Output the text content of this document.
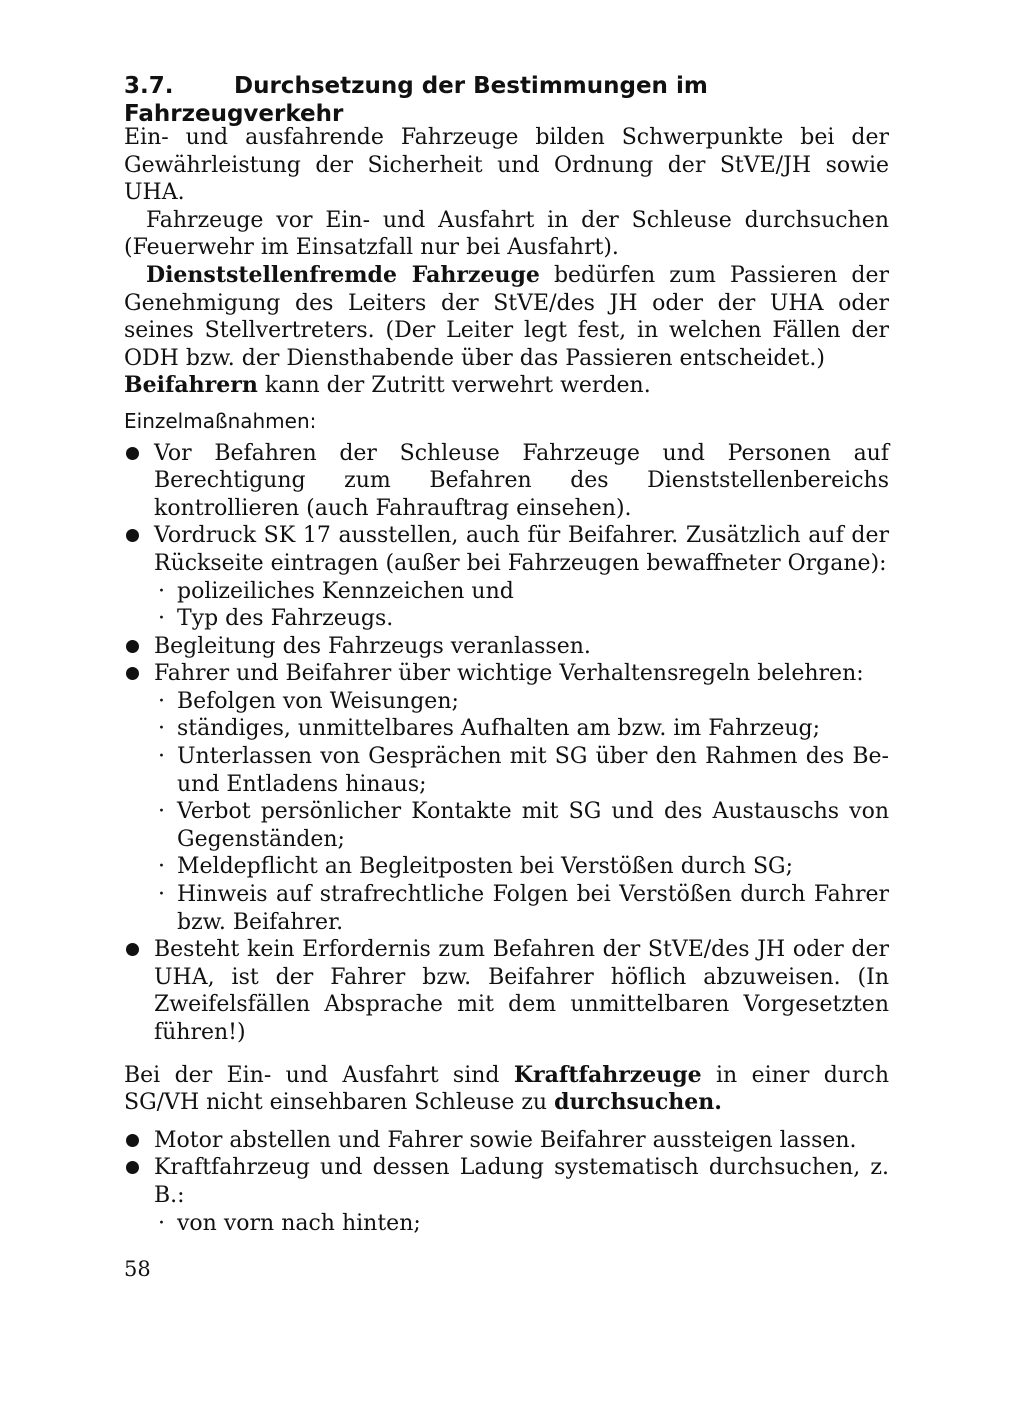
3.7.	Durchsetzung der Bestimmungen im Fahrzeugverkehr

Ein- und ausfahrende Fahrzeuge bilden Schwerpunkte bei der Gewährleistung der Sicherheit und Ordnung der StVE/JH sowie UHA.

Fahrzeuge vor Ein- und Ausfahrt in der Schleuse durchsuchen (Feuerwehr im Einsatzfall nur bei Ausfahrt).

Dienststellenfremde Fahrzeuge bedürfen zum Passieren der Genehmigung des Leiters der StVE/des JH oder der UHA oder seines Stellvertreters. (Der Leiter legt fest, in welchen Fällen der ODH bzw. der Diensthabende über das Passieren entscheidet.)

Beifahrern kann der Zutritt verwehrt werden.

Einzelmaßnahmen:

Vor Befahren der Schleuse Fahrzeuge und Personen auf Berechtigung zum Befahren des Dienststellenbereichs kontrollieren (auch Fahrauftrag einsehen).
Vordruck SK 17 ausstellen, auch für Beifahrer. Zusätzlich auf der Rückseite eintragen (außer bei Fahrzeugen bewaffneter Organe):
· polizeiliches Kennzeichen und
· Typ des Fahrzeugs.
Begleitung des Fahrzeugs veranlassen.
Fahrer und Beifahrer über wichtige Verhaltensregeln belehren:
· Befolgen von Weisungen;
· ständiges, unmittelbares Aufhalten am bzw. im Fahrzeug;
· Unterlassen von Gesprächen mit SG über den Rahmen des Be- und Entladens hinaus;
· Verbot persönlicher Kontakte mit SG und des Austauschs von Gegenständen;
· Meldepflicht an Begleitposten bei Verstößen durch SG;
· Hinweis auf strafrechtliche Folgen bei Verstößen durch Fahrer bzw. Beifahrer.
Besteht kein Erfordernis zum Befahren der StVE/des JH oder der UHA, ist der Fahrer bzw. Beifahrer höflich abzuweisen. (In Zweifelsfällen Absprache mit dem unmittelbaren Vorgesetzten führen!)

Bei der Ein- und Ausfahrt sind Kraftfahrzeuge in einer durch SG/VH nicht einsehbaren Schleuse zu durchsuchen.

Motor abstellen und Fahrer sowie Beifahrer aussteigen lassen.
Kraftfahrzeug und dessen Ladung systematisch durchsuchen, z. B.:
· von vorn nach hinten;
58
